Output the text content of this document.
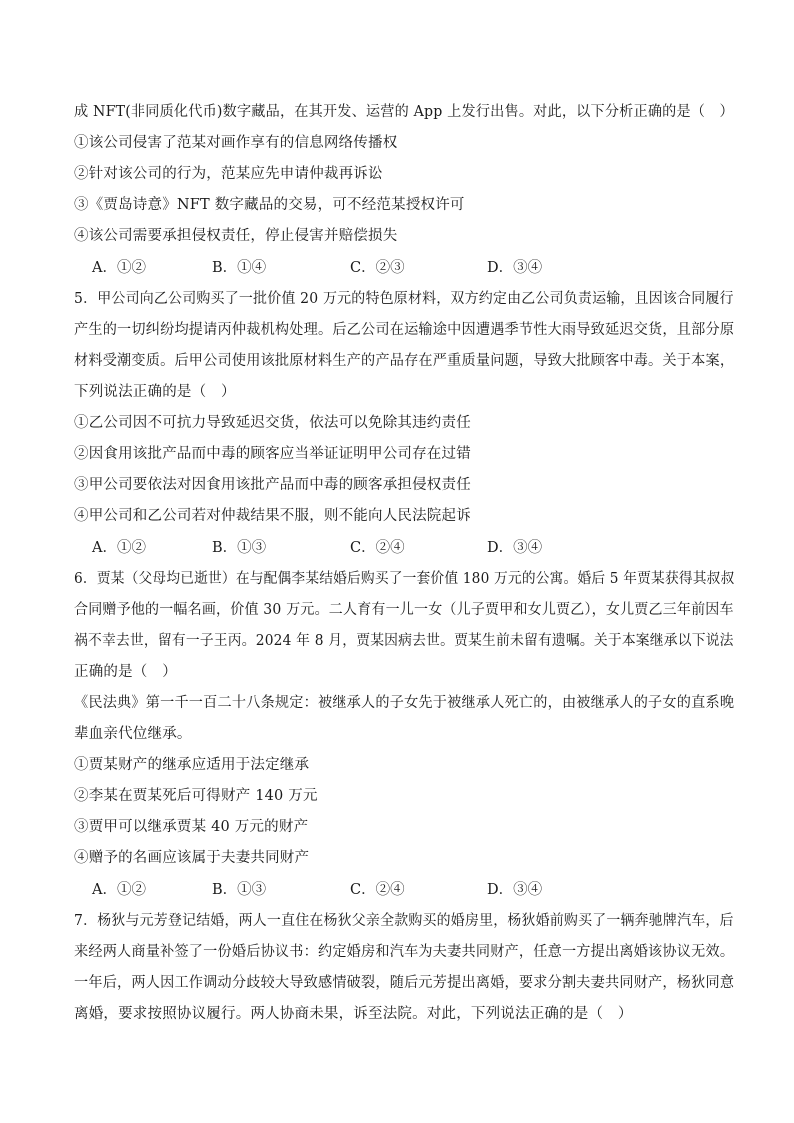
成 NFT(非同质化代币)数字藏品，在其开发、运营的 App 上发行出售。对此，以下分析正确的是（　）
①该公司侵害了范某对画作享有的信息网络传播权
②针对该公司的行为，范某应先申请仲裁再诉讼
③《贾岛诗意》NFT 数字藏品的交易，可不经范某授权许可
④该公司需要承担侵权责任，停止侵害并赔偿损失
A．①②	B．①④	C．②③	D．③④
5．甲公司向乙公司购买了一批价值 20 万元的特色原材料，双方约定由乙公司负责运输，且因该合同履行
产生的一切纠纷均提请丙仲裁机构处理。后乙公司在运输途中因遭遇季节性大雨导致延迟交货，且部分原
材料受潮变质。后甲公司使用该批原材料生产的产品存在严重质量问题，导致大批顾客中毒。关于本案，
下列说法正确的是（　）
①乙公司因不可抗力导致延迟交货，依法可以免除其违约责任
②因食用该批产品而中毒的顾客应当举证证明甲公司存在过错
③甲公司要依法对因食用该批产品而中毒的顾客承担侵权责任
④甲公司和乙公司若对仲裁结果不服，则不能向人民法院起诉
A．①②	B．①③	C．②④	D．③④
6．贾某（父母均已逝世）在与配偶李某结婚后购买了一套价值 180 万元的公寓。婚后 5 年贾某获得其叔叔
合同赠予他的一幅名画，价值 30 万元。二人育有一儿一女（儿子贾甲和女儿贾乙），女儿贾乙三年前因车
祸不幸去世，留有一子王丙。2024 年 8 月，贾某因病去世。贾某生前未留有遗嘱。关于本案继承以下说法
正确的是（　）
《民法典》第一千一百二十八条规定：被继承人的子女先于被继承人死亡的，由被继承人的子女的直系晚
辈血亲代位继承。
①贾某财产的继承应适用于法定继承
②李某在贾某死后可得财产 140 万元
③贾甲可以继承贾某 40 万元的财产
④赠予的名画应该属于夫妻共同财产
A．①②	B．①③	C．②④	D．③④
7．杨狄与元芳登记结婚，两人一直住在杨狄父亲全款购买的婚房里，杨狄婚前购买了一辆奔驰牌汽车，后
来经两人商量补签了一份婚后协议书：约定婚房和汽车为夫妻共同财产，任意一方提出离婚该协议无效。
一年后，两人因工作调动分歧较大导致感情破裂，随后元芳提出离婚，要求分割夫妻共同财产，杨狄同意
离婚，要求按照协议履行。两人协商未果，诉至法院。对此，下列说法正确的是（　）
